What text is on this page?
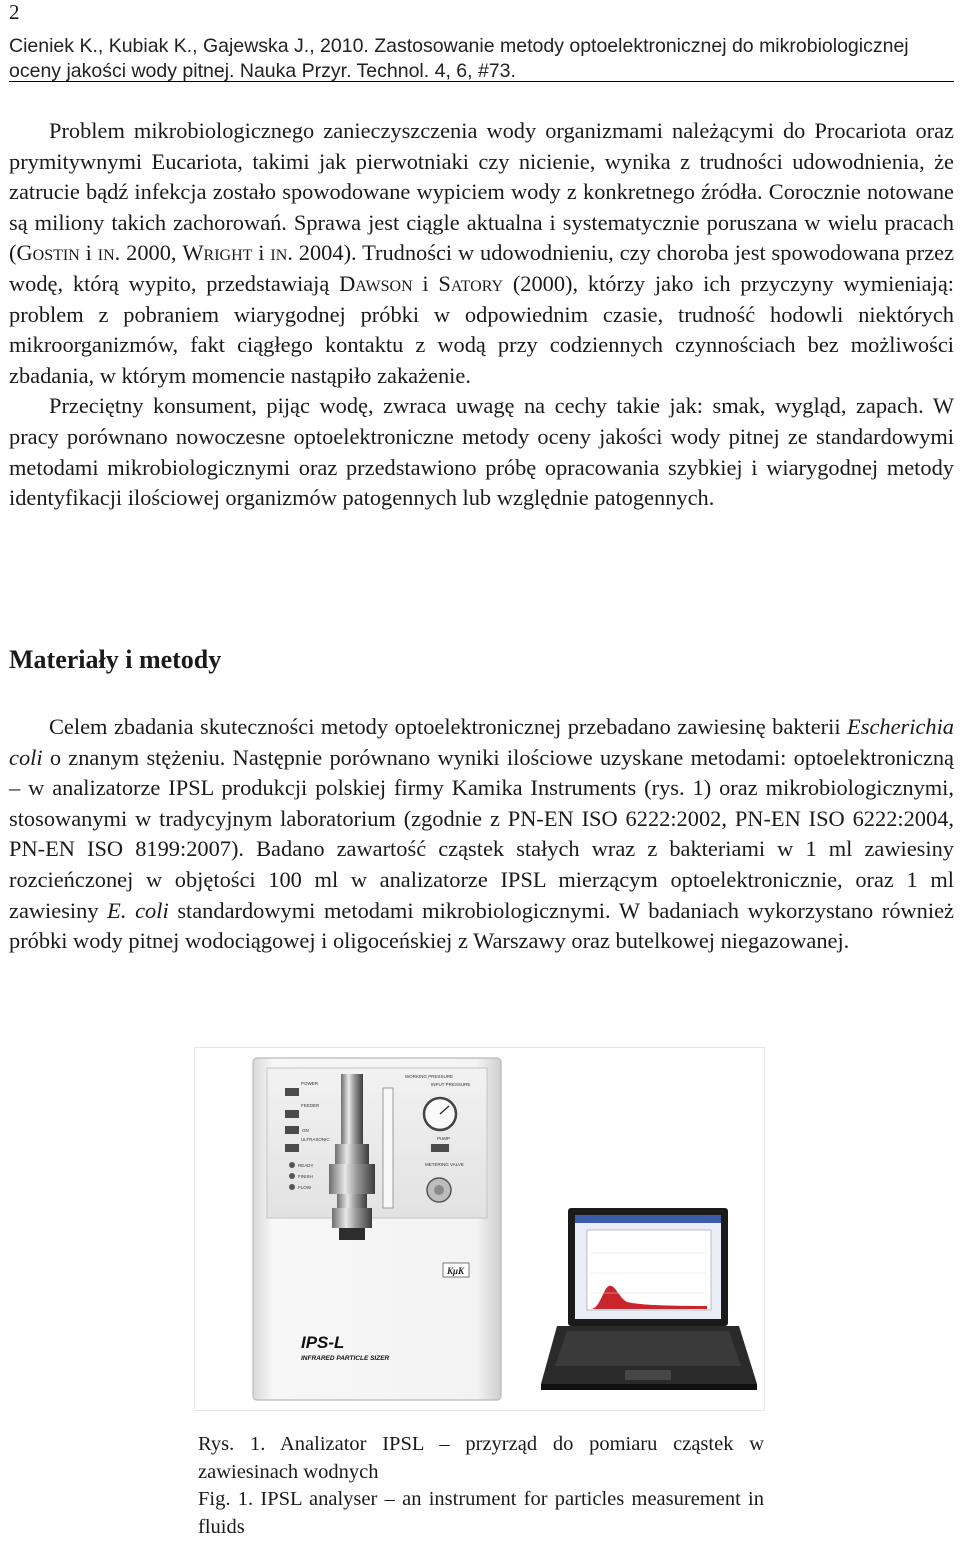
2
Cieniek K., Kubiak K., Gajewska J., 2010. Zastosowanie metody optoelektronicznej do mikrobiologicznej oceny jakości wody pitnej. Nauka Przyr. Technol. 4, 6, #73.

Problem mikrobiologicznego zanieczyszczenia wody organizmami należącymi do Procariota oraz prymitywnymi Eucariota, takimi jak pierwotniaki czy nicienie, wynika z trudności udowodnienia, że zatrucie bądź infekcja zostało spowodowane wypiciem wody z konkretnego źródła. Corocznie notowane są miliony takich zachorowań. Sprawa jest ciągle aktualna i systematycznie poruszana w wielu pracach (Gostin i in. 2000, Wright i in. 2004). Trudności w udowodnieniu, czy choroba jest spowodowana przez wodę, którą wypito, przedstawiają Dawson i Satory (2000), którzy jako ich przyczyny wymieniają: problem z pobraniem wiarygodnej próbki w odpowiednim czasie, trudność hodowli niektórych mikroorganizmów, fakt ciągłego kontaktu z wodą przy codziennych czynnościach bez możliwości zbadania, w którym momencie nastąpiło zakażenie.

Przeciętny konsument, pijąc wodę, zwraca uwagę na cechy takie jak: smak, wygląd, zapach. W pracy porównano nowoczesne optoelektroniczne metody oceny jakości wody pitnej ze standardowymi metodami mikrobiologicznymi oraz przedstawiono próbę opracowania szybkiej i wiarygodnej metody identyfikacji ilościowej organizmów patogennych lub względnie patogennych.

Materiały i metody

Celem zbadania skuteczności metody optoelektronicznej przebadano zawiesinę bakterii Escherichia coli o znanym stężeniu. Następnie porównano wyniki ilościowe uzyskane metodami: optoelektroniczną – w analizatorze IPSL produkcji polskiej firmy Kamika Instruments (rys. 1) oraz mikrobiologicznymi, stosowanymi w tradycyjnym laboratorium (zgodnie z PN-EN ISO 6222:2002, PN-EN ISO 6222:2004, PN-EN ISO 8199:2007). Badano zawartość cząstek stałych wraz z bakteriami w 1 ml zawiesiny rozcieńczonej w objętości 100 ml w analizatorze IPSL mierzącym optoelektronicznie, oraz 1 ml zawiesiny E. coli standardowymi metodami mikrobiologicznymi. W badaniach wykorzystano również próbki wody pitnej wodociągowej i oligoceńskiej z Warszawy oraz butelkowej niegazowanej.

POWER
FEEDER
ON
ULTRASONIC
READY
FINISH
FLOW
WORKING PRESSURE
INPUT PRESSURE
PUMP
METERING VALVE
KμK
IPS-L
INFRARED PARTICLE SIZER
Rys. 1. Analizator IPSL – przyrząd do pomiaru cząstek w zawiesinach wodnych
Fig. 1. IPSL analyser – an instrument for particles measurement in fluids
